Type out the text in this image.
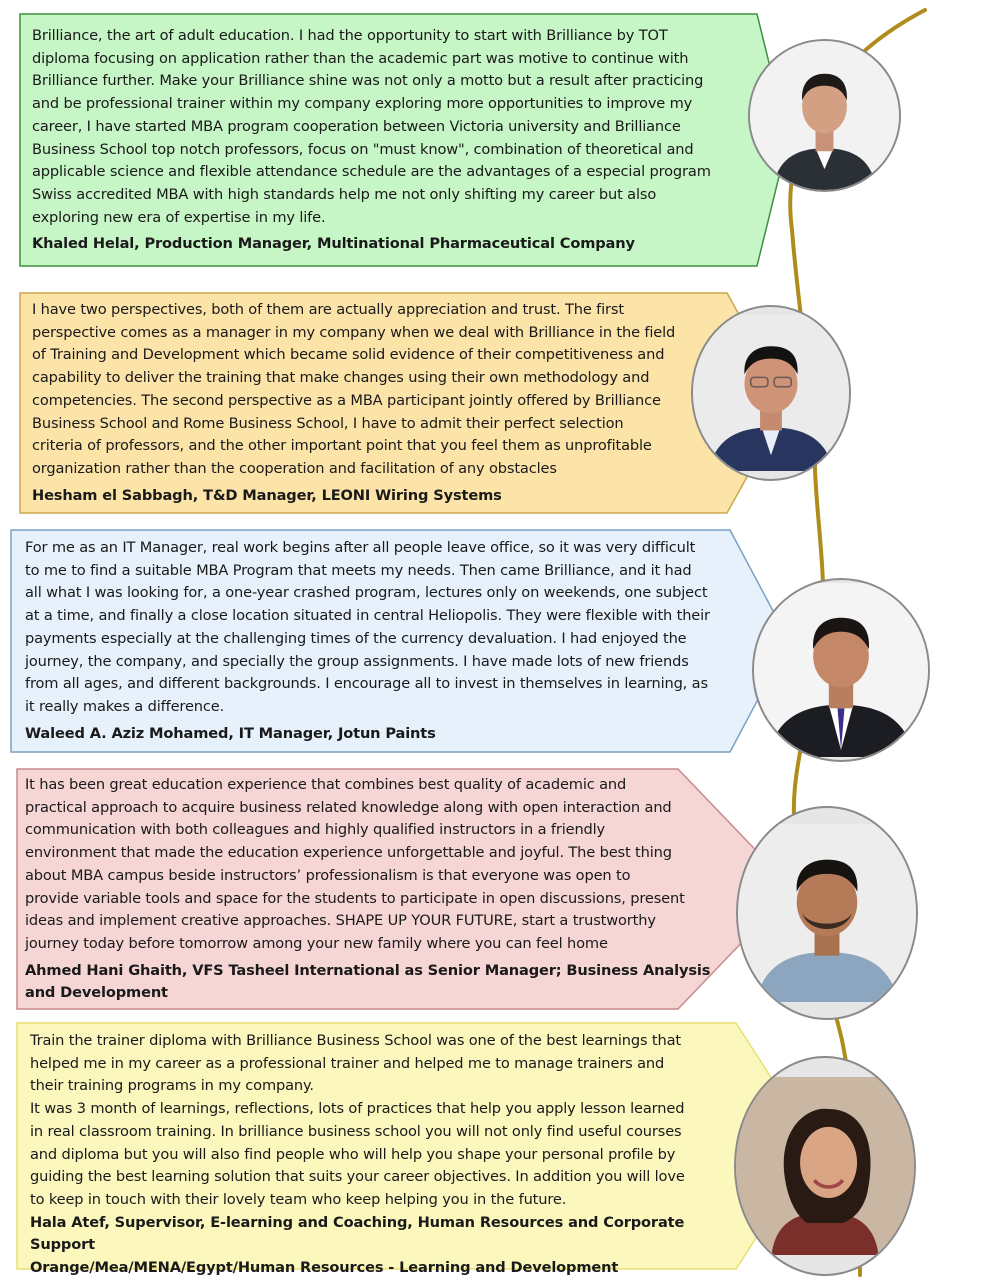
Brilliance, the art of adult education. I had the opportunity to start with Brilliance by TOT
diploma focusing on application rather than the academic part was motive to continue with
Brilliance further. Make your Brilliance shine was not only a motto but a result after practicing
and be professional trainer within my company exploring more opportunities to improve my
career, I have started MBA program cooperation between Victoria university and Brilliance
Business School top notch professors, focus on "must know", combination of theoretical and
applicable science and flexible attendance schedule are the advantages of a especial program
Swiss accredited MBA with high standards help me not only shifting my career but also
exploring new era of expertise in my life.

Khaled Helal, Production Manager, Multinational Pharmaceutical Company

I have two perspectives, both of them are actually appreciation and trust. The first
perspective comes as a manager in my company when we deal with Brilliance in the field
of Training and Development which became solid evidence of their competitiveness and
capability to deliver the training that make changes using their own methodology and
competencies. The second perspective as a MBA participant jointly offered by Brilliance
Business School and Rome Business School, I have to admit their perfect selection
criteria of professors, and the other important point that you feel them as unprofitable
organization rather than the cooperation and facilitation of any obstacles

Hesham el Sabbagh, T&D Manager, LEONI Wiring Systems

For me as an IT Manager, real work begins after all people leave office, so it was very difficult
to me to find a suitable MBA Program that meets my needs. Then came Brilliance, and it had
all what I was looking for, a one-year crashed program, lectures only on weekends, one subject
at a time, and finally a close location situated in central Heliopolis. They were flexible with their
payments especially at the challenging times of the currency devaluation. I had enjoyed the
journey, the company, and specially the group assignments. I have made lots of new friends
from all ages, and different backgrounds. I encourage all to invest in themselves in learning, as
it really makes a difference.

Waleed A. Aziz Mohamed, IT Manager, Jotun Paints

It has been great education experience that combines best quality of academic and
practical approach to acquire business related knowledge along with open interaction and
communication with both colleagues and highly qualified instructors in a friendly
environment that made the education experience unforgettable and joyful. The best thing
about MBA campus beside instructors’ professionalism is that everyone was open to
provide variable tools and space for the students to participate in open discussions, present
ideas and implement creative approaches. SHAPE UP YOUR FUTURE, start a trustworthy
journey today before tomorrow among your new family where you can feel home

Ahmed Hani Ghaith, VFS Tasheel International as Senior Manager; Business Analysis
and Development

Train the trainer diploma with Brilliance Business School was one of the best learnings that
helped me in my career as a professional trainer and helped me to manage trainers and
their training programs in my company.
It was 3 month of learnings, reflections, lots of practices that help you apply lesson learned
in real classroom training. In brilliance business school you will not only find useful courses
and diploma but you will also find people who will help you shape your personal profile by
guiding the best learning solution that suits your career objectives. In addition you will love
to keep in touch with their lovely team who keep helping you in the future.

Hala Atef, Supervisor, E-learning and Coaching, Human Resources and Corporate Support
Orange/Mea/MENA/Egypt/Human Resources - Learning and Development
